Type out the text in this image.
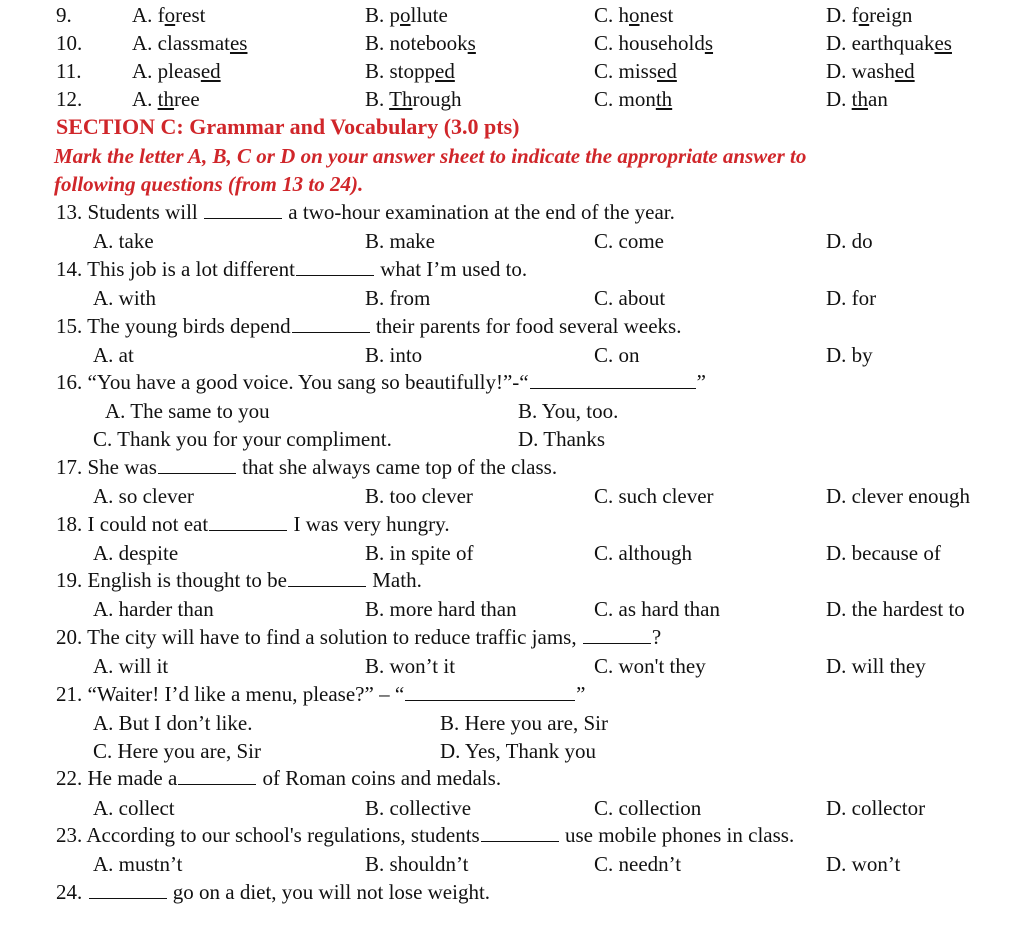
9.	A. forest	B. pollute	C. honest	D. foreign
10. A. classmates	B. notebooks	C. households	D. earthquakes
11. A. pleased	B. stopped	C. missed	D. washed
12. A. three	B. Through	C. month	D. than
SECTION C: Grammar and Vocabulary (3.0 pts)
Mark the letter A, B, C or D on your answer sheet to indicate the appropriate answer to
following questions (from 13 to 24).
13. Students will	a two-hour examination at the end of the year.
A. take	B. make	C. come	D. do
14. This job is a lot different	what I’m used to.
A. with	B. from	C. about	D. for
15. The young birds depend	their parents for food several weeks.
A. at	B. into	C. on	D. by
16. “You have a good voice. You sang so beautifully!”-“	”
A. The same to you	B. You, too.
C. Thank you for your compliment.	D. Thanks
17. She was	that she always came top of the class.
A. so clever	B. too clever	C. such clever	D. clever enough
18. I could not eat	I was very hungry.
A. despite	B. in spite of	C. although	D. because of
19. English is thought to be	Math.
A. harder than	B. more hard than	C. as hard than	D. the hardest to
20. The city will have to find a solution to reduce traffic jams,	?
A. will it	B. won’t it	C. won't they	D. will they
21. “Waiter! I’d like a menu, please?” – “	”
A. But I don’t like.	B. Here you are, Sir
C. Here you are, Sir	D. Yes, Thank you
22. He made a	of Roman coins and medals.
A. collect	B. collective	C. collection	D. collector
23. According to our school's regulations, students	use mobile phones in class.
A. mustn’t	B. shouldn’t	C. needn’t	D. won’t
24.	go on a diet, you will not lose weight.
